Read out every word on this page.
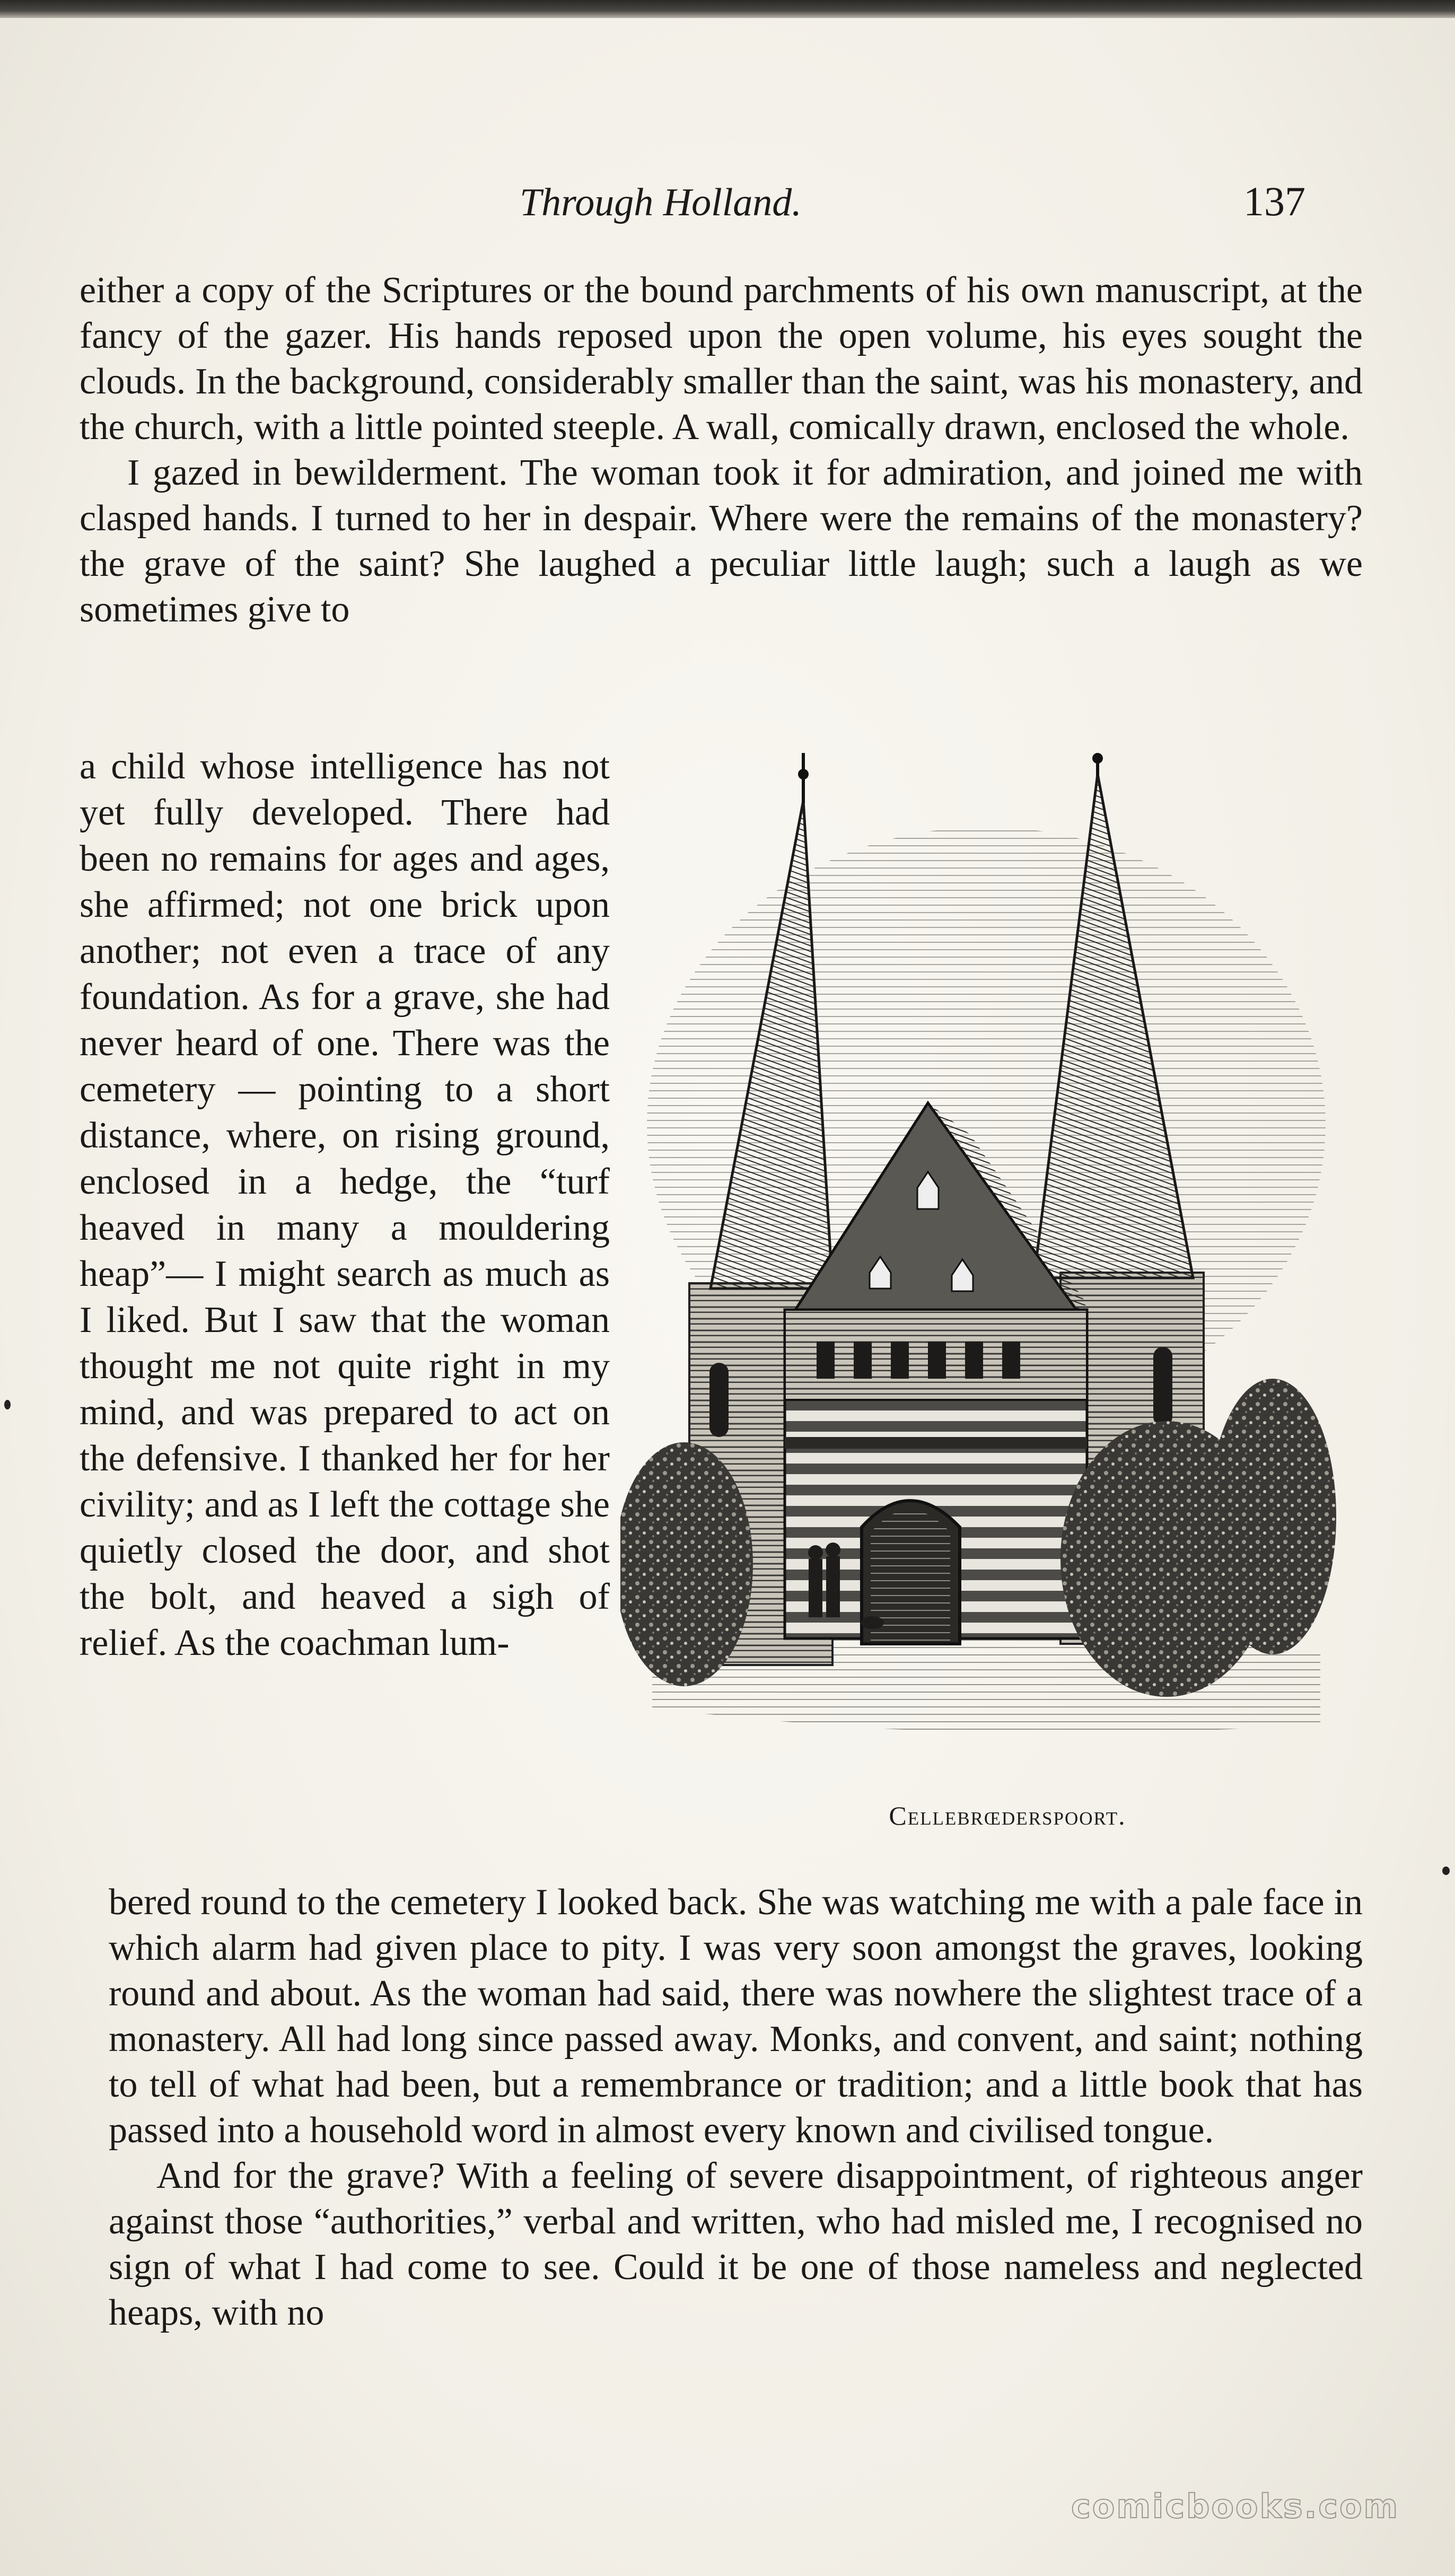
Through Holland.	137

either a copy of the Scriptures or the bound parchments of his own manuscript, at the fancy of the gazer. His hands reposed upon the open volume, his eyes sought the clouds. In the background, considerably smaller than the saint, was his monastery, and the church, with a little pointed steeple. A wall, comically drawn, enclosed the whole.

I gazed in bewilderment. The woman took it for admiration, and joined me with clasped hands. I turned to her in despair. Where were the remains of the monastery? the grave of the saint? She laughed a peculiar little laugh; such a laugh as we sometimes give to

a child whose intelligence has not yet fully developed. There had been no remains for ages and ages, she affirmed; not one brick upon another; not even a trace of any foundation. As for a grave, she had never heard of one. There was the cemetery — pointing to a short distance, where, on rising ground, enclosed in a hedge, the “turf heaved in many a mouldering heap”— I might search as much as I liked. But I saw that the woman thought me not quite right in my mind, and was prepared to act on the defensive. I thanked her for her civility; and as I left the cottage she quietly closed the door, and shot the bolt, and heaved a sigh of relief. As the coachman lum-

Cellebrœderspoort.

bered round to the cemetery I looked back. She was watching me with a pale face in which alarm had given place to pity. I was very soon amongst the graves, looking round and about. As the woman had said, there was nowhere the slightest trace of a monastery. All had long since passed away. Monks, and convent, and saint; nothing to tell of what had been, but a remembrance or tradition; and a little book that has passed into a household word in almost every known and civilised tongue.

And for the grave? With a feeling of severe disappointment, of righteous anger against those “authorities,” verbal and written, who had misled me, I recognised no sign of what I had come to see. Could it be one of those nameless and neglected heaps, with no

comicbooks.com
